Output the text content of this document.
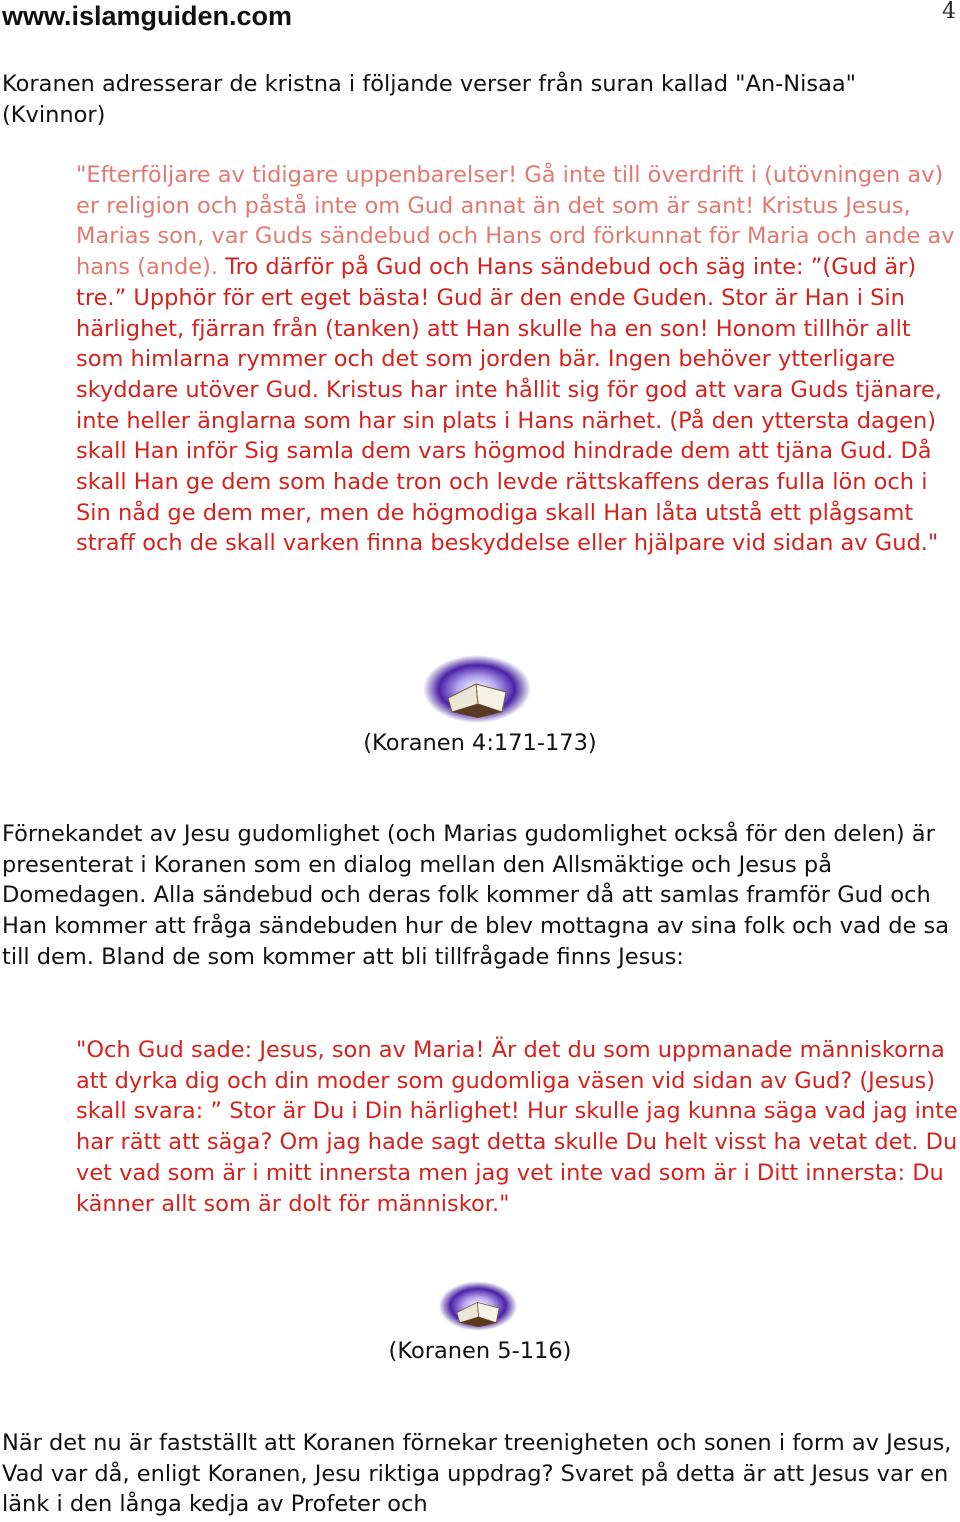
www.islamguiden.com	4

Koranen adresserar de kristna i följande verser från suran kallad "An-Nisaa" (Kvinnor)

"Efterföljare av tidigare uppenbarelser! Gå inte till överdrift i (utövningen av) er religion och påstå inte om Gud annat än det som är sant! Kristus Jesus, Marias son, var Guds sändebud och Hans ord förkunnat för Maria och ande av hans (ande). Tro därför på Gud och Hans sändebud och säg inte: ”(Gud är) tre.” Upphör för ert eget bästa! Gud är den ende Guden. Stor är Han i Sin härlighet, fjärran från (tanken) att Han skulle ha en son! Honom tillhör allt som himlarna rymmer och det som jorden bär. Ingen behöver ytterligare skyddare utöver Gud. Kristus har inte hållit sig för god att vara Guds tjänare, inte heller änglarna som har sin plats i Hans närhet. (På den yttersta dagen) skall Han inför Sig samla dem vars högmod hindrade dem att tjäna Gud. Då skall Han ge dem som hade tron och levde rättskaffens deras fulla lön och i Sin nåd ge dem mer, men de högmodiga skall Han låta utstå ett plågsamt straff och de skall varken finna beskyddelse eller hjälpare vid sidan av Gud."

(Koranen 4:171-173)

Förnekandet av Jesu gudomlighet (och Marias gudomlighet också för den delen) är presenterat i Koranen som en dialog mellan den Allsmäktige och Jesus på Domedagen. Alla sändebud och deras folk kommer då att samlas framför Gud och Han kommer att fråga sändebuden hur de blev mottagna av sina folk och vad de sa till dem. Bland de som kommer att bli tillfrågade finns Jesus:

"Och Gud sade: Jesus, son av Maria! Är det du som uppmanade människorna att dyrka dig och din moder som gudomliga väsen vid sidan av Gud? (Jesus) skall svara: ” Stor är Du i Din härlighet! Hur skulle jag kunna säga vad jag inte har rätt att säga? Om jag hade sagt detta skulle Du helt visst ha vetat det. Du vet vad som är i mitt innersta men jag vet inte vad som är i Ditt innersta: Du känner allt som är dolt för människor."

(Koranen 5-116)

När det nu är fastställt att Koranen förnekar treenigheten och sonen i form av Jesus, Vad var då, enligt Koranen, Jesu riktiga uppdrag? Svaret på detta är att Jesus var en länk i den långa kedja av Profeter och
